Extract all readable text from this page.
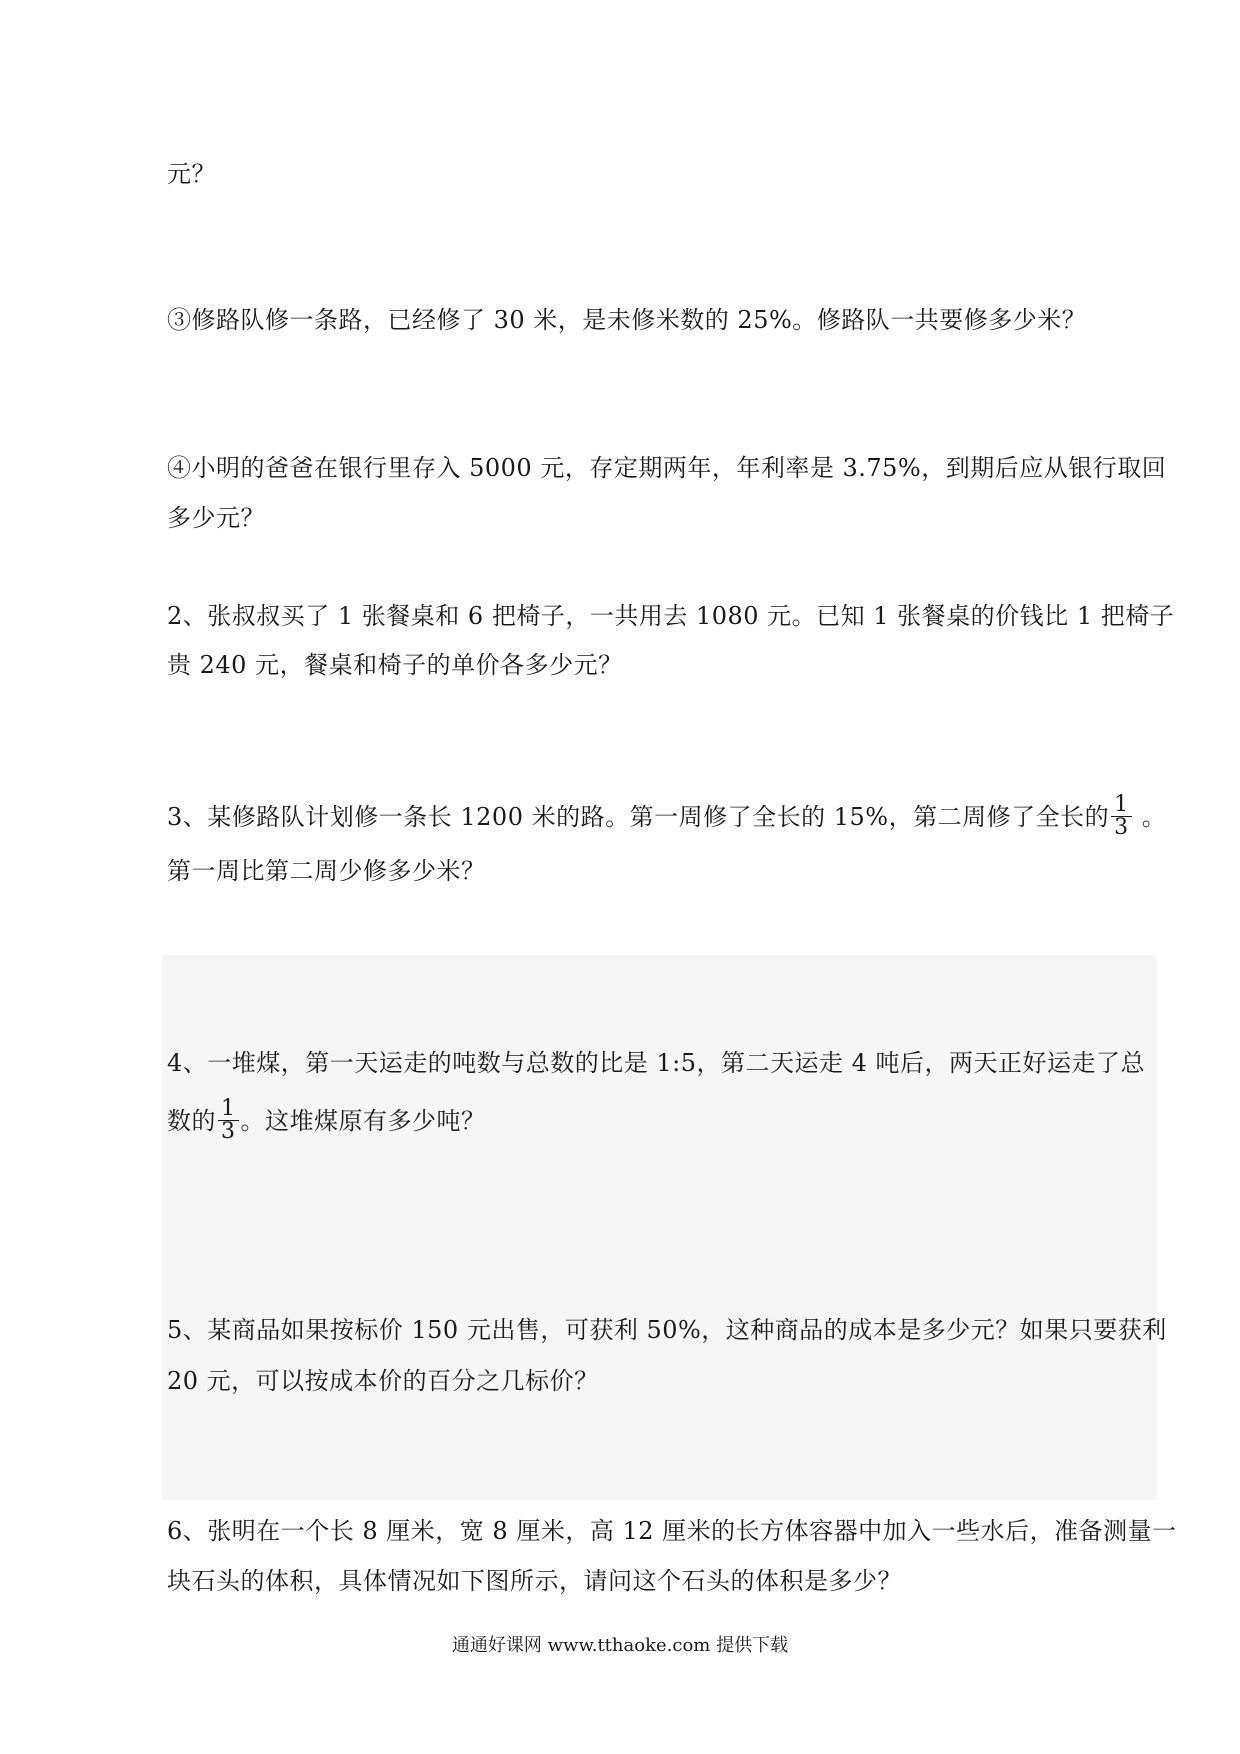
元？
③修路队修一条路，已经修了 30 米，是未修米数的 25%。修路队一共要修多少米？
④小明的爸爸在银行里存入 5000 元，存定期两年，年利率是 3.75%，到期后应从银行取回
多少元？
2、张叔叔买了 1 张餐桌和 6 把椅子，一共用去 1080 元。已知 1 张餐桌的价钱比 1 把椅子
贵 240 元，餐桌和椅子的单价各多少元？
3、某修路队计划修一条长 1200 米的路。第一周修了全长的 15%，第二周修了全长的 $\frac{1}{3}$ 。
第一周比第二周少修多少米？
4、一堆煤，第一天运走的吨数与总数的比是 1:5，第二天运走 4 吨后，两天正好运走了总
数的 $\frac{1}{3}$ 。这堆煤原有多少吨？
5、某商品如果按标价 150 元出售，可获利 50%，这种商品的成本是多少元？如果只要获利
20 元，可以按成本价的百分之几标价？
6、张明在一个长 8 厘米，宽 8 厘米，高 12 厘米的长方体容器中加入一些水后，准备测量一
块石头的体积，具体情况如下图所示，请问这个石头的体积是多少？
通通好课网 www.tthaoke.com 提供下载
